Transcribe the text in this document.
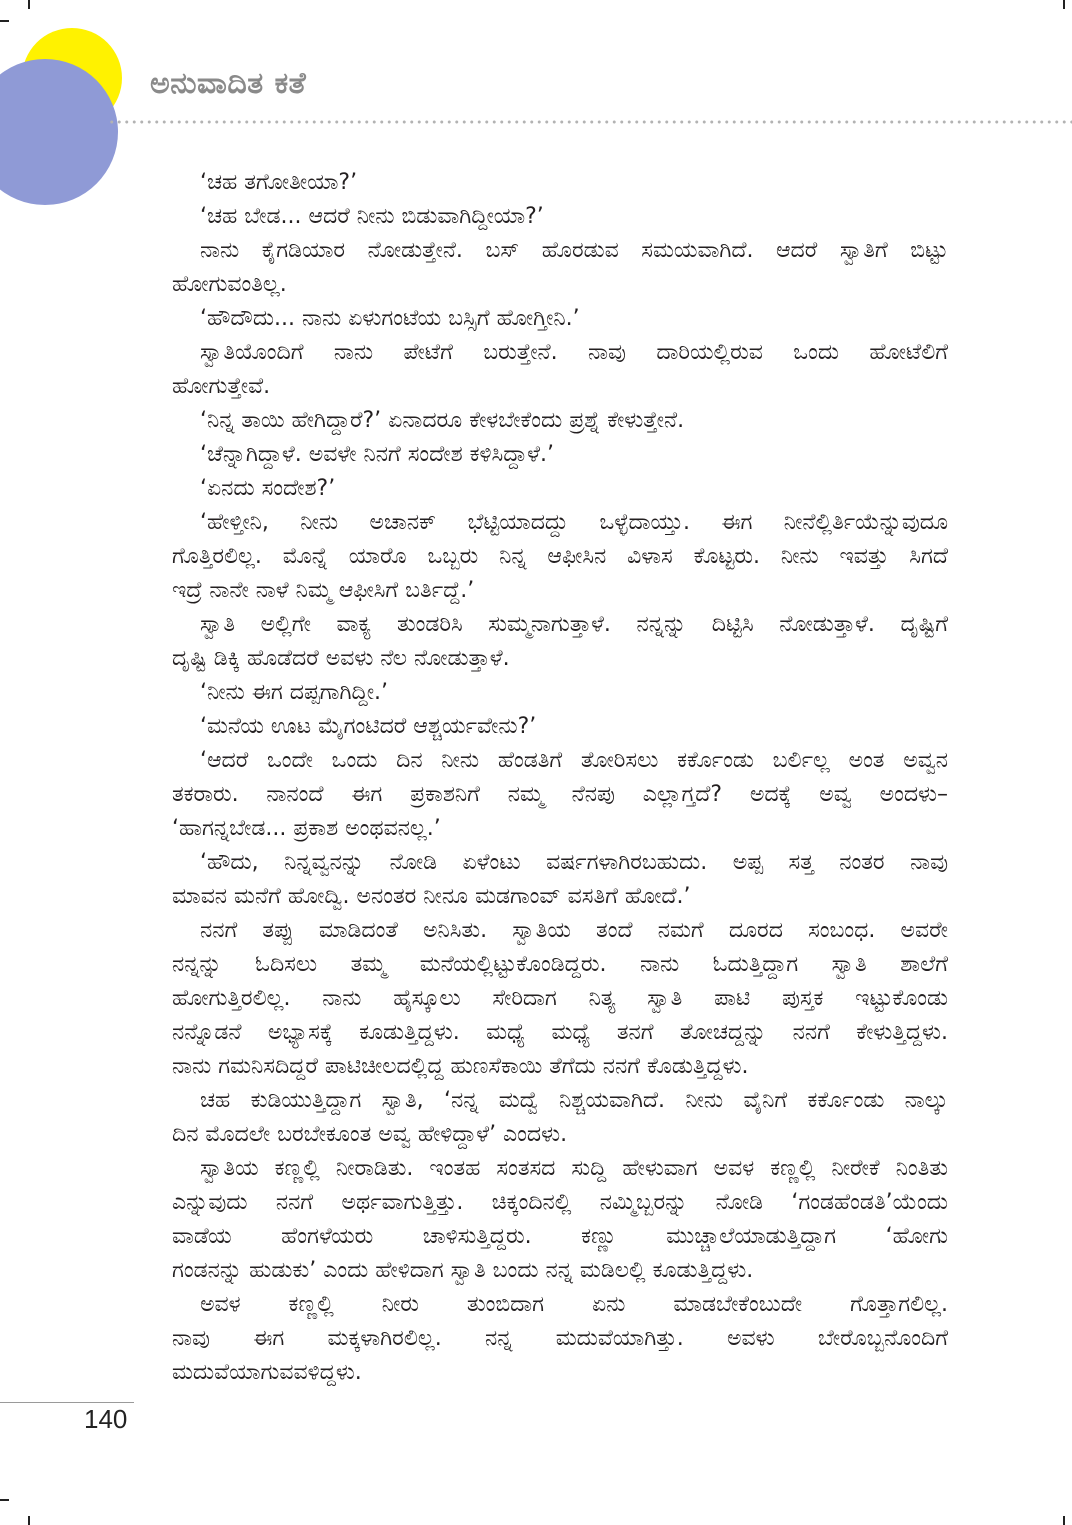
ಅನುವಾದಿತ ಕತೆ
‘ಚಹ ತಗೋತೀಯಾ?’
‘ಚಹ ಬೇಡ... ಆದರೆ ನೀನು ಬಿಡುವಾಗಿದ್ದೀಯಾ?’
ನಾನು ಕೈಗಡಿಯಾರ ನೋಡುತ್ತೇನೆ. ಬಸ್ ಹೊರಡುವ ಸಮಯವಾಗಿದೆ. ಆದರೆ ಸ್ವಾತಿಗೆ ಬಿಟ್ಟು
ಹೋಗುವಂತಿಲ್ಲ.
‘ಹೌದೌದು... ನಾನು ಏಳುಗಂಟೆಯ ಬಸ್ಸಿಗೆ ಹೋಗ್ತೀನಿ.’
ಸ್ವಾತಿಯೊಂದಿಗೆ ನಾನು ಪೇಟೆಗೆ ಬರುತ್ತೇನೆ. ನಾವು ದಾರಿಯಲ್ಲಿರುವ ಒಂದು ಹೋಟೆಲಿಗೆ
ಹೋಗುತ್ತೇವೆ.
‘ನಿನ್ನ ತಾಯಿ ಹೇಗಿದ್ದಾರೆ?’ ಏನಾದರೂ ಕೇಳಬೇಕೆಂದು ಪ್ರಶ್ನೆ ಕೇಳುತ್ತೇನೆ.
‘ಚೆನ್ನಾಗಿದ್ದಾಳೆ. ಅವಳೇ ನಿನಗೆ ಸಂದೇಶ ಕಳಿಸಿದ್ದಾಳೆ.’
‘ಏನದು ಸಂದೇಶ?’
‘ಹೇಳ್ತೀನಿ, ನೀನು ಅಚಾನಕ್ ಭೆಟ್ಟಿಯಾದದ್ದು ಒಳ್ಳೆದಾಯ್ತು. ಈಗ ನೀನೆಲ್ಲಿರ್ತಿಯೆನ್ನುವುದೂ
ಗೊತ್ತಿರಲಿಲ್ಲ. ಮೊನ್ನೆ ಯಾರೊ ಒಬ್ಬರು ನಿನ್ನ ಆಫೀಸಿನ ವಿಳಾಸ ಕೊಟ್ಟರು. ನೀನು ಇವತ್ತು ಸಿಗದೆ
ಇದ್ರೆ ನಾನೇ ನಾಳೆ ನಿಮ್ಮ ಆಫೀಸಿಗೆ ಬರ್ತಿದ್ದೆ.’
ಸ್ವಾತಿ ಅಲ್ಲಿಗೇ ವಾಕ್ಯ ತುಂಡರಿಸಿ ಸುಮ್ಮನಾಗುತ್ತಾಳೆ. ನನ್ನನ್ನು ದಿಟ್ಟಿಸಿ ನೋಡುತ್ತಾಳೆ. ದೃಷ್ಟಿಗೆ
ದೃಷ್ಟಿ ಡಿಕ್ಕಿ ಹೊಡೆದರೆ ಅವಳು ನೆಲ ನೋಡುತ್ತಾಳೆ.
‘ನೀನು ಈಗ ದಪ್ಪಗಾಗಿದ್ದೀ.’
‘ಮನೆಯ ಊಟ ಮೈಗಂಟಿದರೆ ಆಶ್ಚರ್ಯವೇನು?’
‘ಆದರೆ ಒಂದೇ ಒಂದು ದಿನ ನೀನು ಹೆಂಡತಿಗೆ ತೋರಿಸಲು ಕರ್ಕೊಂಡು ಬರ್ಲಿಲ್ಲ ಅಂತ ಅವ್ವನ
ತಕರಾರು. ನಾನಂದೆ ಈಗ ಪ್ರಕಾಶನಿಗೆ ನಮ್ಮ ನೆನಪು ಎಲ್ಲಾಗ್ತದೆ? ಅದಕ್ಕೆ ಅವ್ವ ಅಂದಳು–
‘ಹಾಗನ್ನಬೇಡ... ಪ್ರಕಾಶ ಅಂಥವನಲ್ಲ.’
‘ಹೌದು, ನಿನ್ನವ್ವನನ್ನು ನೋಡಿ ಏಳೆಂಟು ವರ್ಷಗಳಾಗಿರಬಹುದು. ಅಪ್ಪ ಸತ್ತ ನಂತರ ನಾವು
ಮಾವನ ಮನೆಗೆ ಹೋದ್ವಿ. ಅನಂತರ ನೀನೂ ಮಡಗಾಂವ್ ವಸತಿಗೆ ಹೋದೆ.’
ನನಗೆ ತಪ್ಪು ಮಾಡಿದಂತೆ ಅನಿಸಿತು. ಸ್ವಾತಿಯ ತಂದೆ ನಮಗೆ ದೂರದ ಸಂಬಂಧ. ಅವರೇ
ನನ್ನನ್ನು ಓದಿಸಲು ತಮ್ಮ ಮನೆಯಲ್ಲಿಟ್ಟುಕೊಂಡಿದ್ದರು. ನಾನು ಓದುತ್ತಿದ್ದಾಗ ಸ್ವಾತಿ ಶಾಲೆಗೆ
ಹೋಗುತ್ತಿರಲಿಲ್ಲ. ನಾನು ಹೈಸ್ಕೂಲು ಸೇರಿದಾಗ ನಿತ್ಯ ಸ್ವಾತಿ ಪಾಟಿ ಪುಸ್ತಕ ಇಟ್ಟುಕೊಂಡು
ನನ್ನೊಡನೆ ಅಭ್ಯಾಸಕ್ಕೆ ಕೂಡುತ್ತಿದ್ದಳು. ಮಧ್ಯೆ ಮಧ್ಯೆ ತನಗೆ ತೋಚದ್ದನ್ನು ನನಗೆ ಕೇಳುತ್ತಿದ್ದಳು.
ನಾನು ಗಮನಿಸದಿದ್ದರೆ ಪಾಟಿಚೀಲದಲ್ಲಿದ್ದ ಹುಣಸೆಕಾಯಿ ತೆಗೆದು ನನಗೆ ಕೊಡುತ್ತಿದ್ದಳು.
ಚಹ ಕುಡಿಯುತ್ತಿದ್ದಾಗ ಸ್ವಾತಿ, ‘ನನ್ನ ಮದ್ವೆ ನಿಶ್ಚಯವಾಗಿದೆ. ನೀನು ವೈನಿಗೆ ಕರ್ಕೊಂಡು ನಾಲ್ಕು
ದಿನ ಮೊದಲೇ ಬರಬೇಕೂಂತ ಅವ್ವ ಹೇಳಿದ್ದಾಳೆ’ ಎಂದಳು.
ಸ್ವಾತಿಯ ಕಣ್ಣಲ್ಲಿ ನೀರಾಡಿತು. ಇಂತಹ ಸಂತಸದ ಸುದ್ದಿ ಹೇಳುವಾಗ ಅವಳ ಕಣ್ಣಲ್ಲಿ ನೀರೇಕೆ ನಿಂತಿತು
ಎನ್ನುವುದು ನನಗೆ ಅರ್ಥವಾಗುತ್ತಿತ್ತು. ಚಿಕ್ಕಂದಿನಲ್ಲಿ ನಮ್ಮಿಬ್ಬರನ್ನು ನೋಡಿ ‘ಗಂಡಹೆಂಡತಿ’ಯೆಂದು
ವಾಡೆಯ ಹೆಂಗಳೆಯರು ಚಾಳಿಸುತ್ತಿದ್ದರು. ಕಣ್ಣು ಮುಚ್ಚಾಲೆಯಾಡುತ್ತಿದ್ದಾಗ ‘ಹೋಗು
ಗಂಡನನ್ನು ಹುಡುಕು’ ಎಂದು ಹೇಳಿದಾಗ ಸ್ವಾತಿ ಬಂದು ನನ್ನ ಮಡಿಲಲ್ಲಿ ಕೂಡುತ್ತಿದ್ದಳು.
ಅವಳ ಕಣ್ಣಲ್ಲಿ ನೀರು ತುಂಬಿದಾಗ ಏನು ಮಾಡಬೇಕೆಂಬುದೇ ಗೊತ್ತಾಗಲಿಲ್ಲ.
ನಾವು ಈಗ ಮಕ್ಕಳಾಗಿರಲಿಲ್ಲ. ನನ್ನ ಮದುವೆಯಾಗಿತ್ತು. ಅವಳು ಬೇರೊಬ್ಬನೊಂದಿಗೆ
ಮದುವೆಯಾಗುವವಳಿದ್ದಳು.
140
